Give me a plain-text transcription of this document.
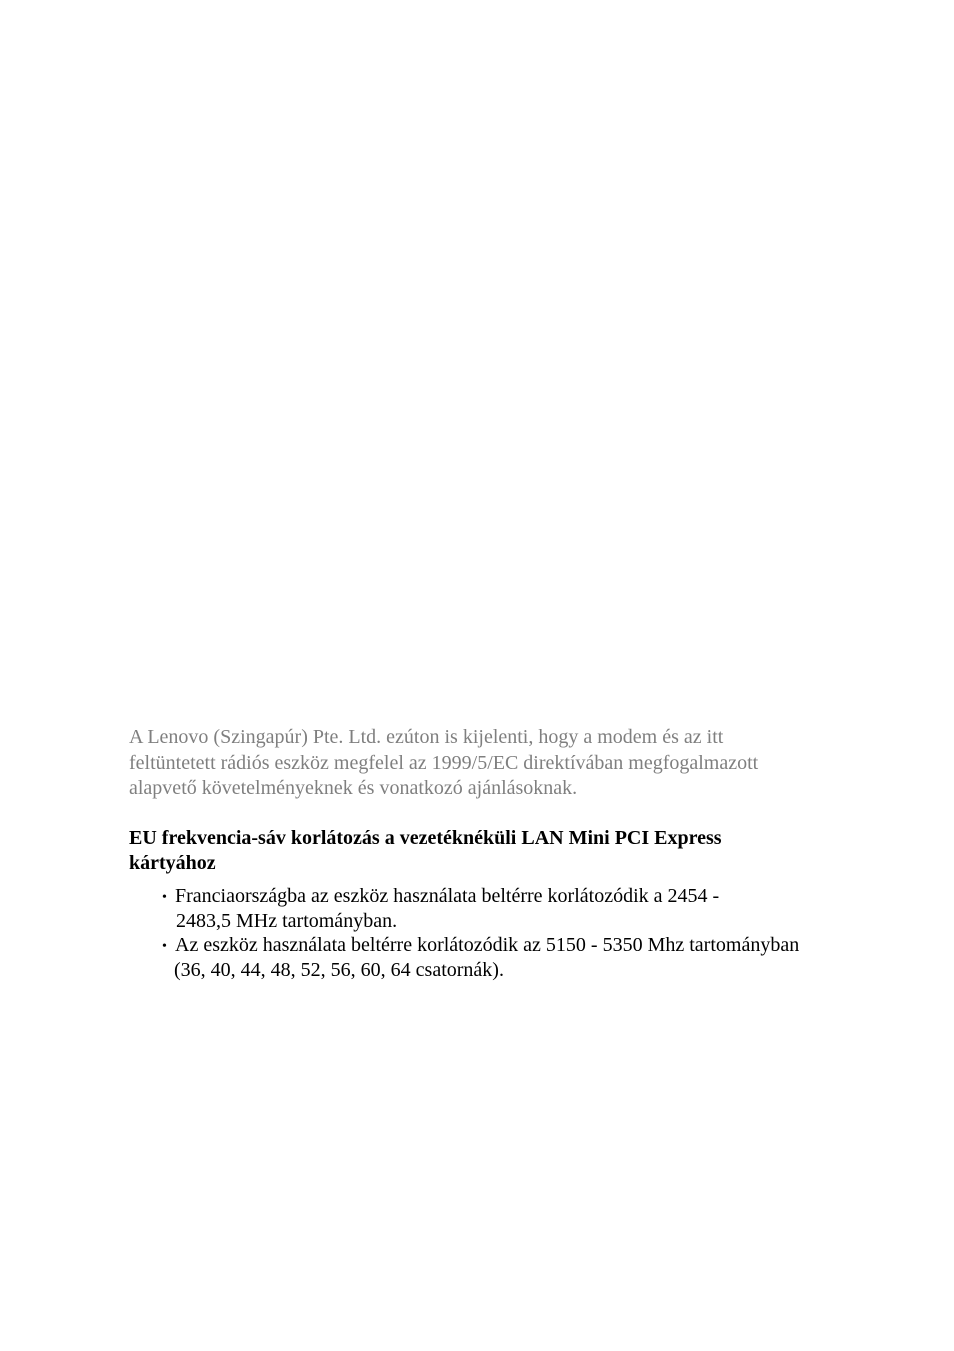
A Lenovo (Szingapúr) Pte. Ltd. ezúton is kijelenti, hogy a modem és az itt
feltüntetett rádiós eszköz megfelel az 1999/5/EC direktívában megfogalmazott
alapvető követelményeknek és vonatkozó ajánlásoknak.

EU frekvencia-sáv korlátozás a vezetéknéküli LAN Mini PCI Express
kártyához
• Franciaországba az eszköz használata beltérre korlátozódik a 2454 -
2483,5 MHz tartományban.
• Az eszköz használata beltérre korlátozódik az 5150 - 5350 Mhz tartományban
(36, 40, 44, 48, 52, 56, 60, 64 csatornák).
